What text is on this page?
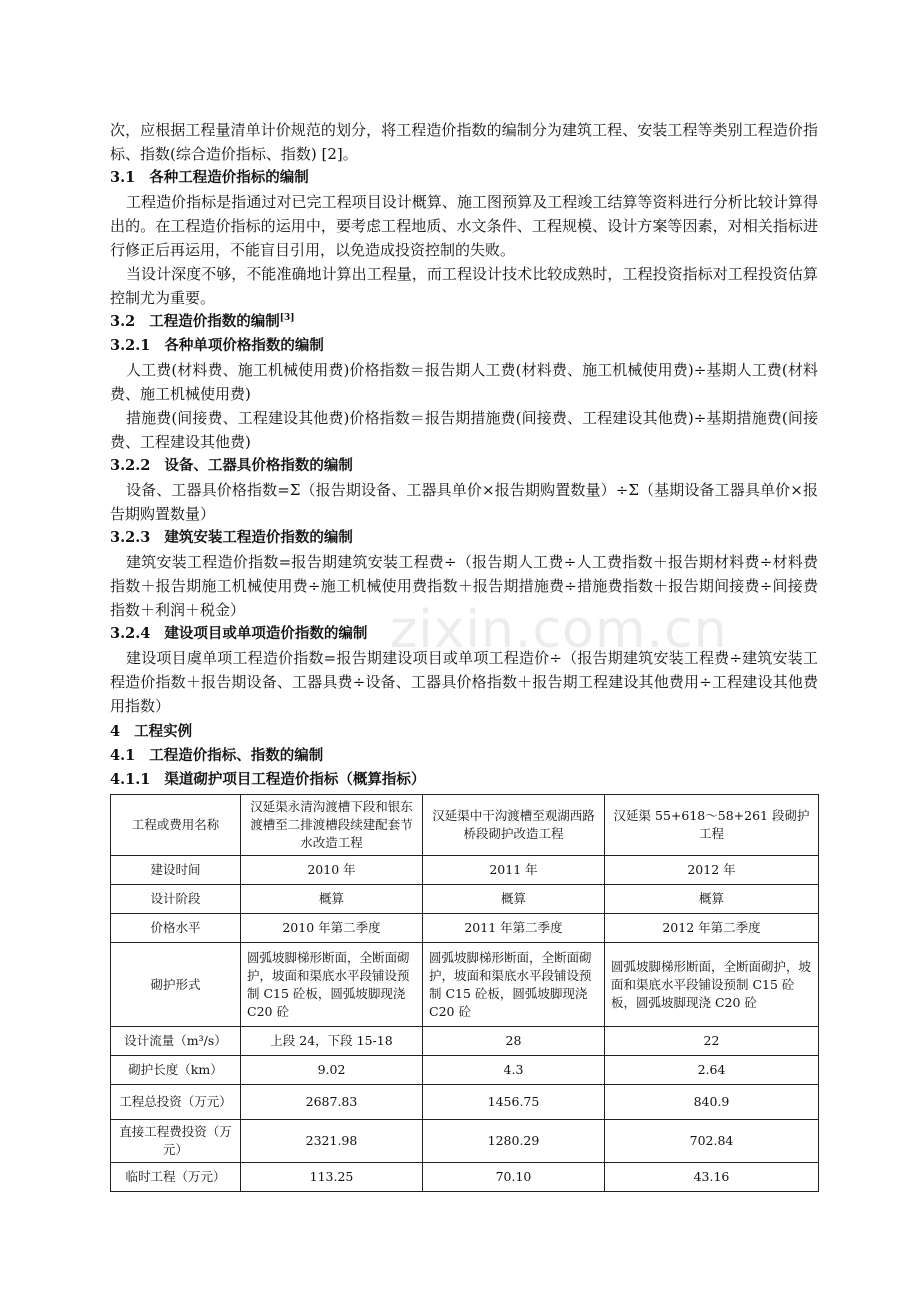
zixin.com.cn

次，应根据工程量清单计价规范的划分，将工程造价指数的编制分为建筑工程、安装工程等类别工程造价指标、指数(综合造价指标、指数) [2]。

3.1 各种工程造价指标的编制

工程造价指标是指通过对已完工程项目设计概算、施工图预算及工程竣工结算等资料进行分析比较计算得出的。在工程造价指标的运用中，要考虑工程地质、水文条件、工程规模、设计方案等因素，对相关指标进行修正后再运用，不能盲目引用，以免造成投资控制的失败。

当设计深度不够，不能准确地计算出工程量，而工程设计技术比较成熟时，工程投资指标对工程投资估算控制尤为重要。

3.2 工程造价指数的编制[3]
3.2.1 各种单项价格指数的编制

人工费(材料费、施工机械使用费)价格指数＝报告期人工费(材料费、施工机械使用费)÷基期人工费(材料费、施工机械使用费)

措施费(间接费、工程建设其他费)价格指数＝报告期措施费(间接费、工程建设其他费)÷基期措施费(间接费、工程建设其他费)

3.2.2 设备、工器具价格指数的编制

设备、工器具价格指数=Σ（报告期设备、工器具单价×报告期购置数量）÷Σ（基期设备工器具单价×报告期购置数量）

3.2.3 建筑安装工程造价指数的编制

建筑安装工程造价指数=报告期建筑安装工程费÷（报告期人工费÷人工费指数＋报告期材料费÷材料费指数＋报告期施工机械使用费÷施工机械使用费指数＋报告期措施费÷措施费指数＋报告期间接费÷间接费指数＋利润＋税金）

3.2.4 建设项目或单项造价指数的编制

建设项目虞单项工程造价指数=报告期建设项目或单项工程造价÷（报告期建筑安装工程费÷建筑安装工程造价指数＋报告期设备、工器具费÷设备、工器具价格指数＋报告期工程建设其他费用÷工程建设其他费用指数）

4 工程实例
4.1 工程造价指标、指数的编制
4.1.1 渠道砌护项目工程造价指标（概算指标）
工程或费用名称	汉延渠永清沟渡槽下段和银东渡槽至二排渡槽段续建配套节水改造工程	汉延渠中干沟渡槽至观湖西路桥段砌护改造工程	汉延渠 55+618～58+261 段砌护工程
建设时间	2010 年	2011 年	2012 年
设计阶段	概算	概算	概算
价格水平	2010 年第二季度	2011 年第二季度	2012 年第二季度
砌护形式	圆弧坡脚梯形断面，全断面砌护，坡面和渠底水平段铺设预制 C15 砼板，圆弧坡脚现浇 C20 砼	圆弧坡脚梯形断面，全断面砌护，坡面和渠底水平段铺设预制 C15 砼板，圆弧坡脚现浇 C20 砼	圆弧坡脚梯形断面，全断面砌护，坡面和渠底水平段铺设预制 C15 砼板，圆弧坡脚现浇 C20 砼
设计流量（m³/s）	上段 24，下段 15-18	28	22
砌护长度（km）	9.02	4.3	2.64
工程总投资（万元）	2687.83	1456.75	840.9
直接工程费投资（万元）	2321.98	1280.29	702.84
临时工程（万元）	113.25	70.10	43.16
